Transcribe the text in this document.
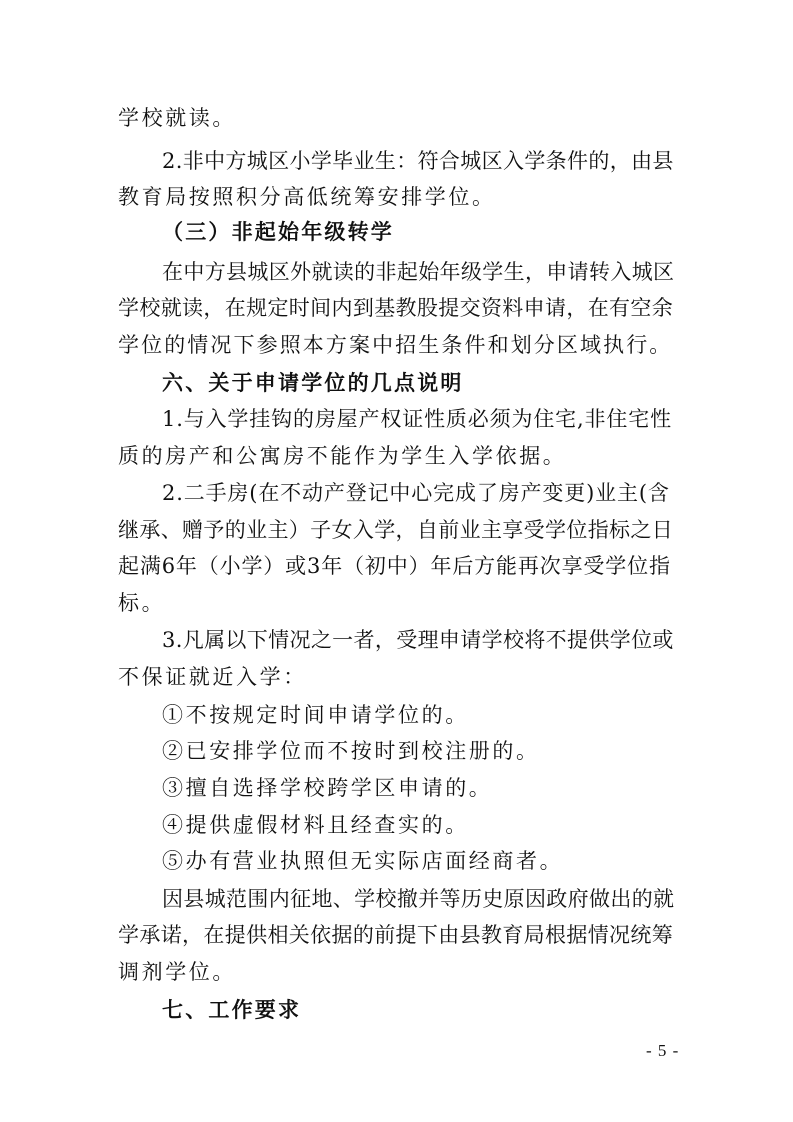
学校就读。
2.非中方城区小学毕业生：符合城区入学条件的，由县
教育局按照积分高低统筹安排学位。
（三）非起始年级转学
在中方县城区外就读的非起始年级学生，申请转入城区
学校就读，在规定时间内到基教股提交资料申请，在有空余
学位的情况下参照本方案中招生条件和划分区域执行。
六、关于申请学位的几点说明
1.与入学挂钩的房屋产权证性质必须为住宅,非住宅性
质的房产和公寓房不能作为学生入学依据。
2.二手房(在不动产登记中心完成了房产变更)业主(含
继承、赠予的业主）子女入学，自前业主享受学位指标之日
起满6年（小学）或3年（初中）年后方能再次享受学位指
标。
3.凡属以下情况之一者，受理申请学校将不提供学位或
不保证就近入学：
①不按规定时间申请学位的。
②已安排学位而不按时到校注册的。
③擅自选择学校跨学区申请的。
④提供虚假材料且经查实的。
⑤办有营业执照但无实际店面经商者。
因县城范围内征地、学校撤并等历史原因政府做出的就
学承诺，在提供相关依据的前提下由县教育局根据情况统筹
调剂学位。
七、工作要求
- 5 -
